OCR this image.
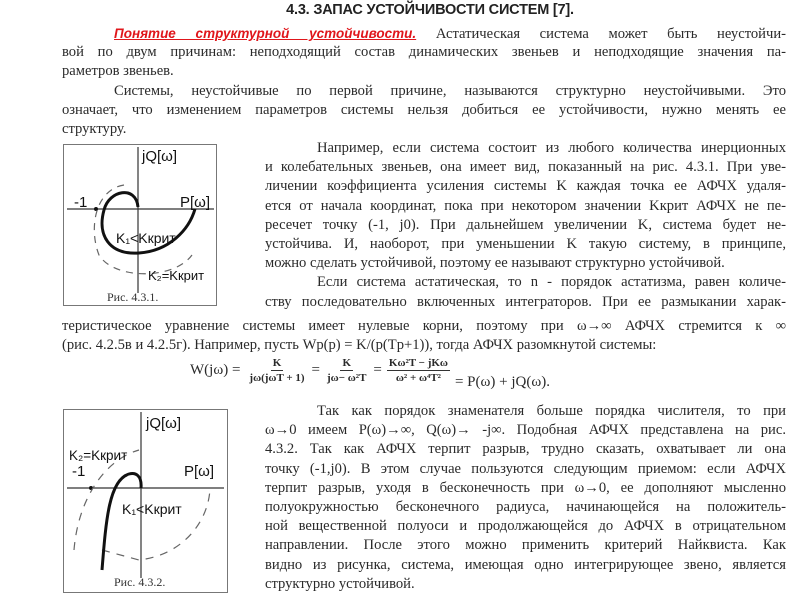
4.3. ЗАПАС УСТОЙЧИВОСТИ СИСТЕМ [7].
Понятие структурной устойчивости. Астатическая система может быть неустойчи-
вой по двум причинам: неподходящий состав динамических звеньев и неподходящие значения па-
раметров звеньев.
Системы, неустойчивые по первой причине, называются структурно неустойчивыми. Это
означает, что изменением параметров системы нельзя добиться ее устойчивости, нужно менять ее
структуру.
Например, если система состоит из любого количества инерционных
и колебательных звеньев, она имеет вид, показанный на рис. 4.3.1. При уве-
личении коэффициента усиления системы K каждая точка ее АФЧХ удаля-
ется от начала координат, пока при некотором значении Kкрит АФЧХ не пе-
ресечет точку (-1, j0). При дальнейшем увеличении K, система будет не-
устойчива. И, наоборот, при уменьшении K такую систему, в принципе,
можно сделать устойчивой, поэтому ее называют структурно устойчивой.
Если система астатическая, то n - порядок астатизма, равен количе-
ству последовательно включенных интеграторов. При ее размыкании харак-
теристическое уравнение системы имеет нулевые корни, поэтому при ω→∞ АФЧХ стремится к ∞
(рис. 4.2.5в и 4.2.5г). Например, пусть Wр(p) = K/(p(Tp+1)), тогда АФЧХ разомкнутой системы:
$W(j\omega) = \frac{K}{\text{jω(jωT + 1)}} = \frac{K}{\text{jω− ω²T}} = \frac{\text{Kω²T − jKω}}{\text{ω² + ω⁴T²}} = P(\omega) + jQ(\omega)$.
Так как порядок знаменателя больше порядка числителя, то при
ω→0 имеем P(ω)→∞, Q(ω)→ -j∞. Подобная АФЧХ представлена на рис.
4.3.2. Так как АФЧХ терпит разрыв, трудно сказать, охватывает ли она
точку (-1,j0). В этом случае пользуются следующим приемом: если АФЧХ
терпит разрыв, уходя в бесконечность при ω→0, ее дополняют мысленно
полуокружностью бесконечного радиуса, начинающейся на положитель-
ной вещественной полуоси и продолжающейся до АФЧХ в отрицательном
направлении. После этого можно применить критерий Найквиста. Как
видно из рисунка, система, имеющая одно интегрирующее звено, является
структурно устойчивой.
jQ[ω]
-1	P[ω]
K₁<Kкрит
K₂=Kкрит
Рис. 4.3.1.
jQ[ω]
K₂=Kкрит
-1	P[ω]
K₁<Kкрит
Рис. 4.3.2.
